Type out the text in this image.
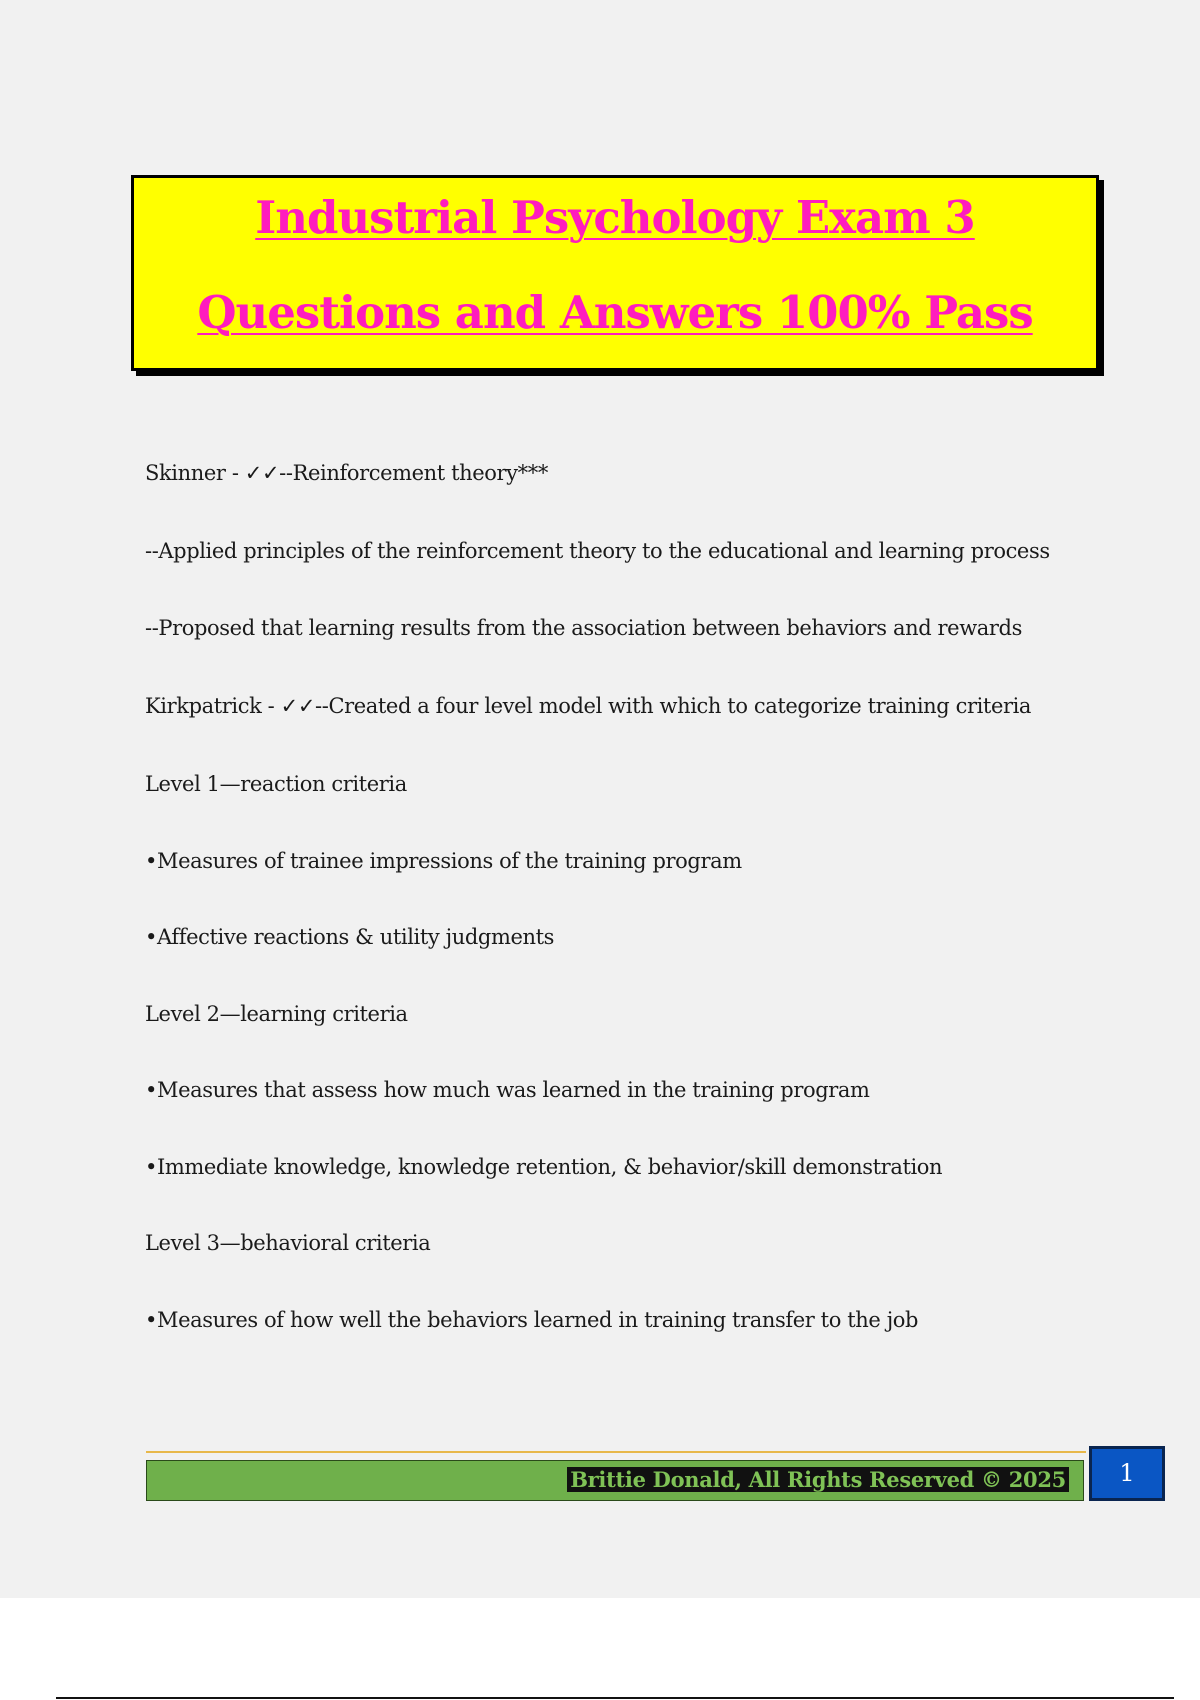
Industrial Psychology Exam 3
Questions and Answers 100% Pass
Skinner - ✓✓--Reinforcement theory***
--Applied principles of the reinforcement theory to the educational and learning process
--Proposed that learning results from the association between behaviors and rewards
Kirkpatrick - ✓✓--Created a four level model with which to categorize training criteria
Level 1—reaction criteria
•Measures of trainee impressions of the training program
•Affective reactions & utility judgments
Level 2—learning criteria
•Measures that assess how much was learned in the training program
•Immediate knowledge, knowledge retention, & behavior/skill demonstration
Level 3—behavioral criteria
•Measures of how well the behaviors learned in training transfer to the job
Brittie Donald, All Rights Reserved © 2025	1
